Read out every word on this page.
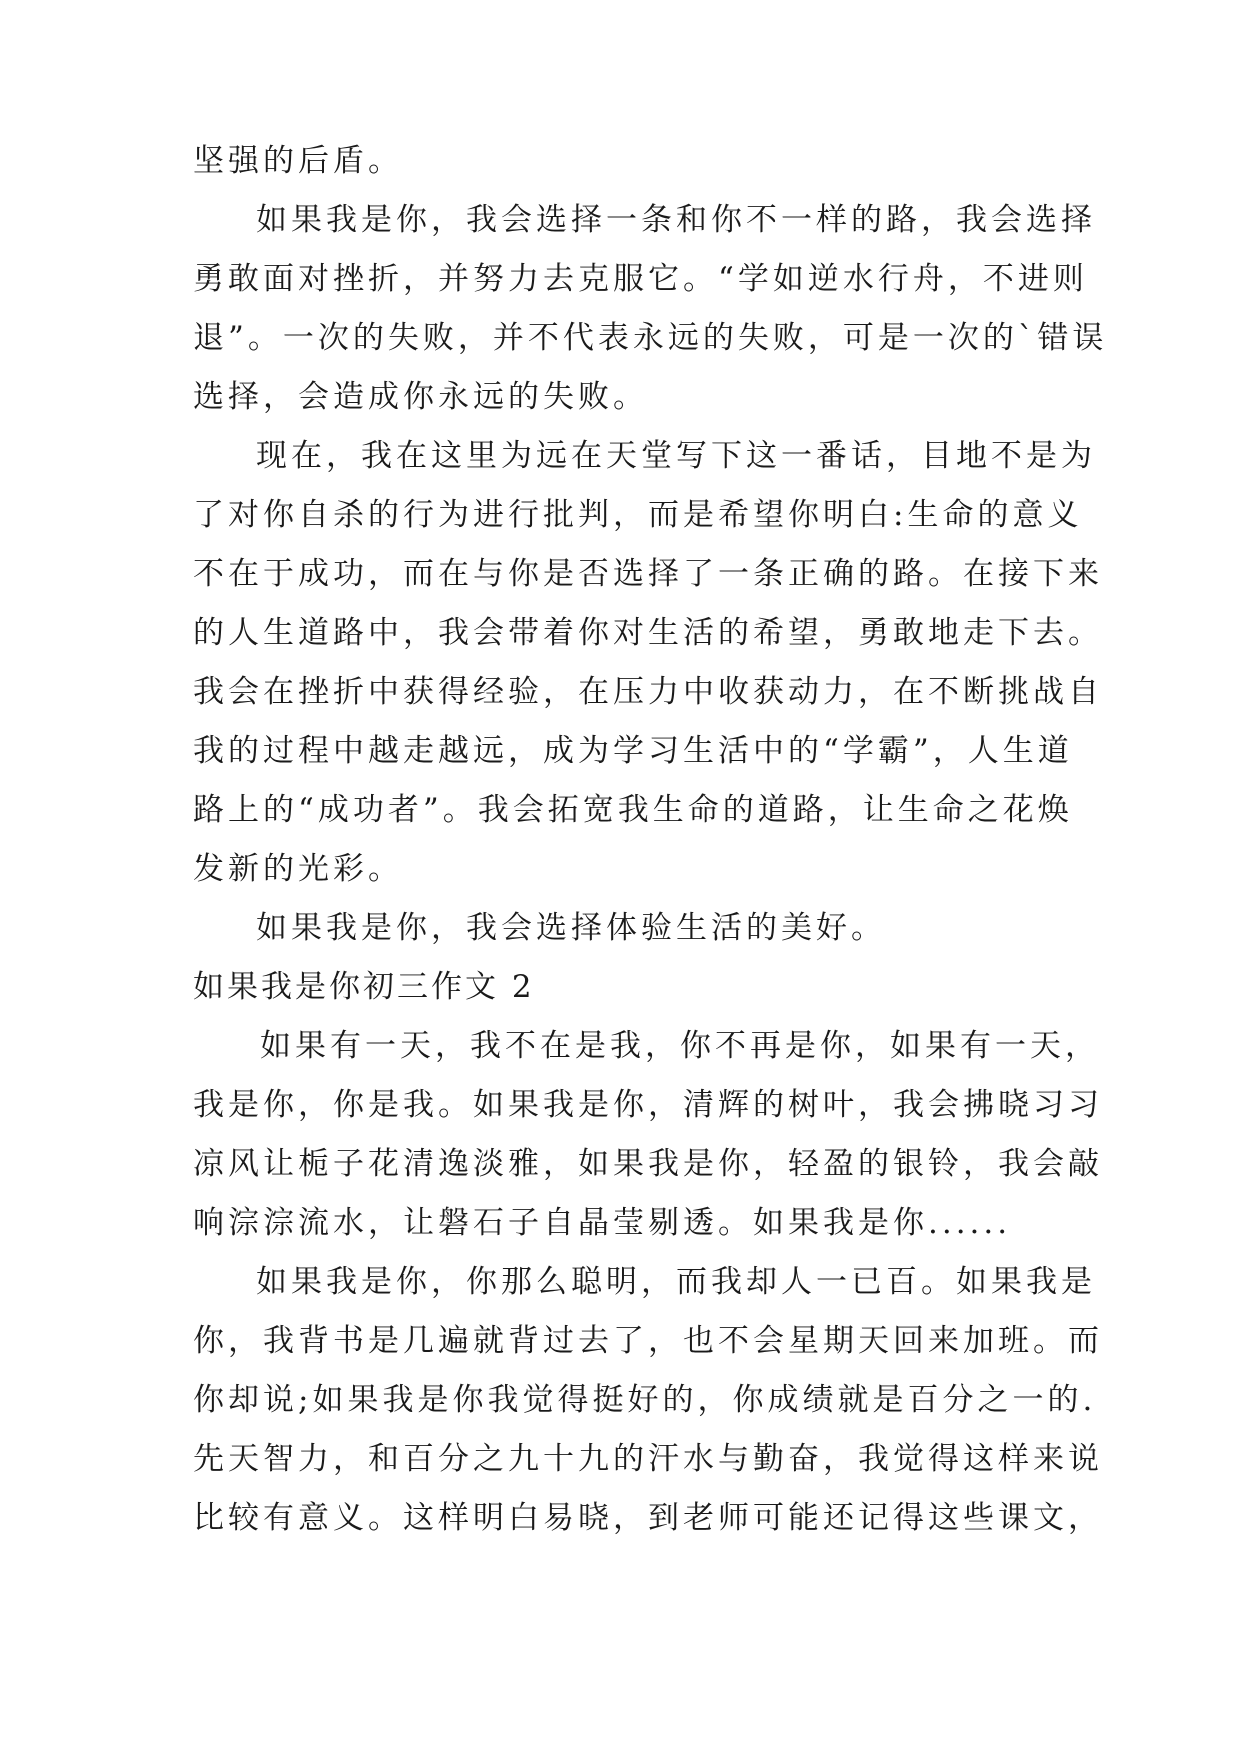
坚强的后盾。
如果我是你，我会选择一条和你不一样的路，我会选择
勇敢面对挫折，并努力去克服它。“学如逆水行舟，不进则
退”。一次的失败，并不代表永远的失败，可是一次的`错误
选择，会造成你永远的失败。
现在，我在这里为远在天堂写下这一番话，目地不是为
了对你自杀的行为进行批判，而是希望你明白:生命的意义
不在于成功，而在与你是否选择了一条正确的路。在接下来
的人生道路中，我会带着你对生活的希望，勇敢地走下去。
我会在挫折中获得经验，在压力中收获动力，在不断挑战自
我的过程中越走越远，成为学习生活中的“学霸”，人生道
路上的“成功者”。我会拓宽我生命的道路，让生命之花焕
发新的光彩。
如果我是你，我会选择体验生活的美好。
如果我是你初三作文 2
如果有一天，我不在是我，你不再是你，如果有一天，
我是你，你是我。如果我是你，清辉的树叶，我会拂晓习习
凉风让栀子花清逸淡雅，如果我是你，轻盈的银铃，我会敲
响淙淙流水，让磐石子自晶莹剔透。如果我是你......
如果我是你，你那么聪明，而我却人一已百。如果我是
你，我背书是几遍就背过去了，也不会星期天回来加班。而
你却说;如果我是你我觉得挺好的，你成绩就是百分之一的.
先天智力，和百分之九十九的汗水与勤奋，我觉得这样来说
比较有意义。这样明白易晓，到老师可能还记得这些课文，
